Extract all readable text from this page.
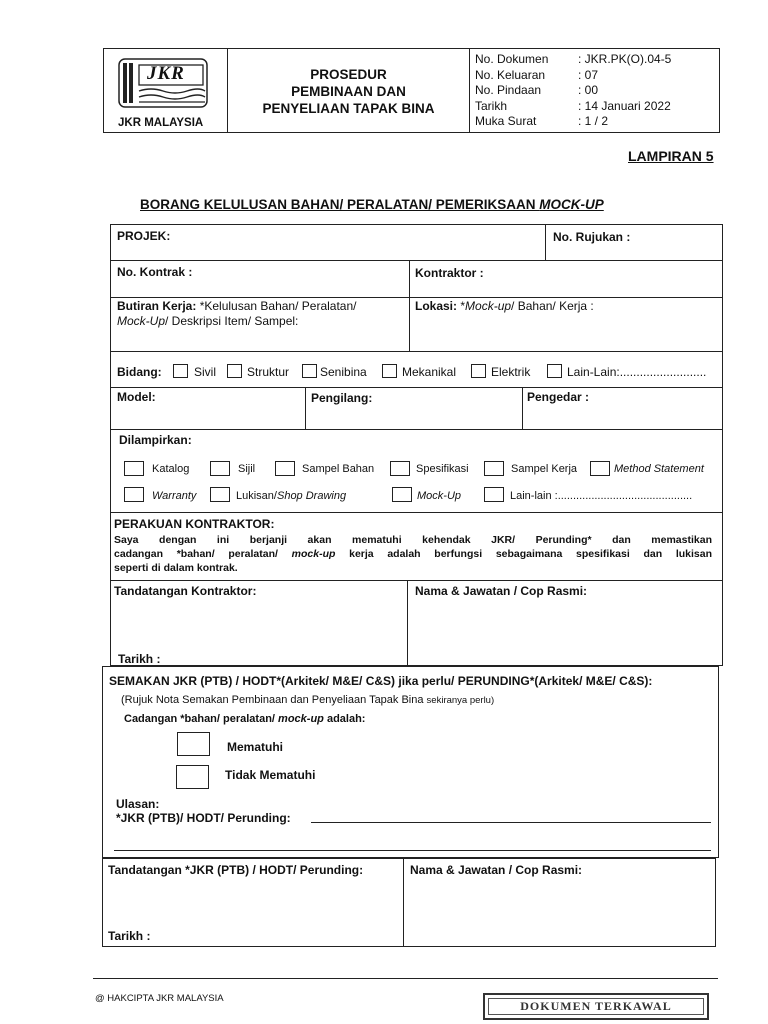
JKR
JKR MALAYSIA
PROSEDUR
PEMBINAAN DAN
PENYELIAAN TAPAK BINA
No. Dokumen : JKR.PK(O).04-5
No. Keluaran	: 07
No. Pindaan	: 00
Tarikh	: 14 Januari 2022
Muka Surat	: 1 / 2
LAMPIRAN 5
BORANG KELULUSAN BAHAN/ PERALATAN/ PEMERIKSAAN MOCK-UP
PROJEK:	No. Rujukan :
No. Kontrak :	Kontraktor :
Butiran Kerja: *Kelulusan Bahan/ Peralatan/
Mock-Up/ Deskripsi Item/ Sampel:
Lokasi: *Mock-up/ Bahan/ Kerja :
Bidang:	Sivil	Struktur	Senibina	Mekanikal	Elektrik	Lain-Lain:..........................
Model:	Pengilang:	Pengedar :
Dilampirkan:
Katalog	Sijil	Sampel Bahan	Spesifikasi	Sampel Kerja	Method Statement
Warranty	Lukisan/Shop Drawing	Mock-Up	Lain-lain :............................................
PERAKUAN KONTRAKTOR:
Saya dengan ini berjanji akan mematuhi kehendak JKR/ Perunding* dan memastikan
cadangan *bahan/ peralatan/ mock-up kerja adalah berfungsi sebagaimana spesifikasi dan lukisan
seperti di dalam kontrak.
Tandatangan Kontraktor:	Nama & Jawatan / Cop Rasmi:
Tarikh :
SEMAKAN JKR (PTB) / HODT*(Arkitek/ M&E/ C&S) jika perlu/ PERUNDING*(Arkitek/ M&E/ C&S):
(Rujuk Nota Semakan Pembinaan dan Penyeliaan Tapak Bina sekiranya perlu)
Cadangan *bahan/ peralatan/ mock-up adalah:
Mematuhi
Tidak Mematuhi
Ulasan:
*JKR (PTB)/ HODT/ Perunding:
Tandatangan *JKR (PTB) / HODT/ Perunding:	Nama & Jawatan / Cop Rasmi:
Tarikh :
@ HAKCIPTA JKR MALAYSIA
DOKUMEN TERKAWAL
